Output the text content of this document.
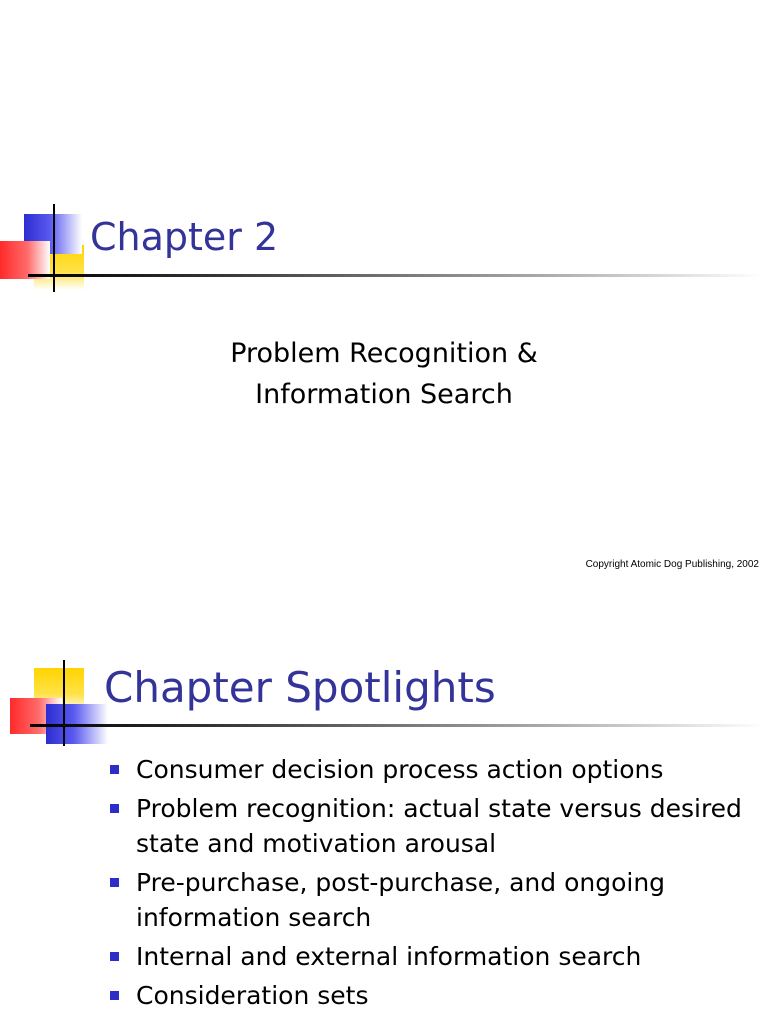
Chapter 2
Problem Recognition &
Information Search
Copyright Atomic Dog Publishing, 2002
Chapter Spotlights
Consumer decision process action options
Problem recognition: actual state versus desired state and motivation arousal
Pre-purchase, post-purchase, and ongoing information search
Internal and external information search
Consideration sets
